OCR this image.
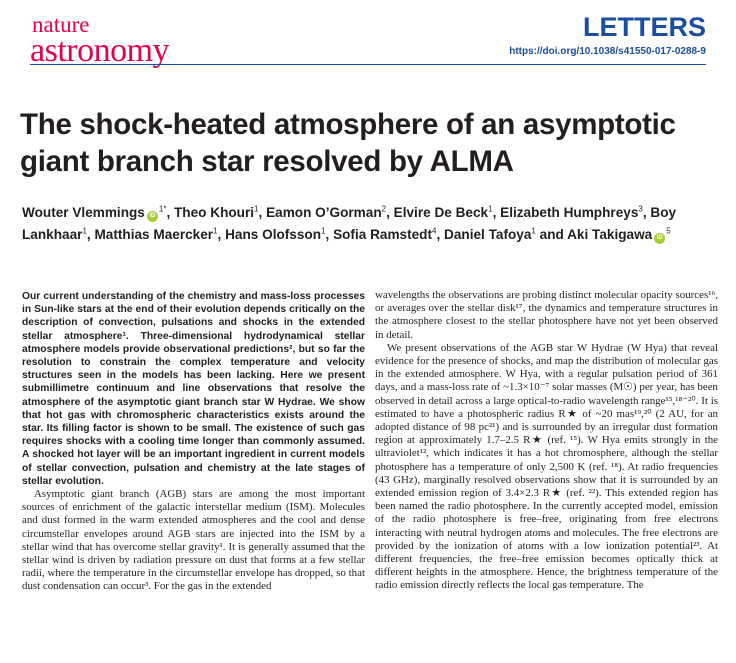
nature
astronomy
LETTERS
https://doi.org/10.1038/s41550-017-0288-9
The shock-heated atmosphere of an asymptotic giant branch star resolved by ALMA
Wouter Vlemmings $iD^{1*}$, Theo Khouri$^1$, Eamon O’Gorman$^2$, Elvire De Beck$^1$, Elizabeth Humphreys$^3$, Boy Lankhaar$^1$, Matthias Maercker$^1$, Hans Olofsson$^1$, Sofia Ramstedt$^4$, Daniel Tafoya$^1$ and Aki Takigawa $iD^5$

Our current understanding of the chemistry and mass-loss processes in Sun-like stars at the end of their evolution depends critically on the description of convection, pulsations and shocks in the extended stellar atmosphere¹. Three-dimensional hydrodynamical stellar atmosphere models provide observational predictions², but so far the resolution to constrain the complex temperature and velocity structures seen in the models has been lacking. Here we present submillimetre continuum and line observations that resolve the atmosphere of the asymptotic giant branch star W Hydrae. We show that hot gas with chromospheric characteristics exists around the star. Its filling factor is shown to be small. The existence of such gas requires shocks with a cooling time longer than commonly assumed. A shocked hot layer will be an important ingredient in current models of stellar convection, pulsation and chemistry at the late stages of stellar evolution.

Asymptotic giant branch (AGB) stars are among the most important sources of enrichment of the galactic interstellar medium (ISM). Molecules and dust formed in the warm extended atmospheres and the cool and dense circumstellar envelopes around AGB stars are injected into the ISM by a stellar wind that has overcome stellar gravity¹. It is generally assumed that the stellar wind is driven by radiation pressure on dust that forms at a few stellar radii, where the temperature in the circumstellar envelope has dropped, so that dust condensation can occur³. For the gas in the extended

wavelengths the observations are probing distinct molecular opacity sources¹⁶, or averages over the stellar disk¹⁷, the dynamics and temperature structures in the atmosphere closest to the stellar photosphere have not yet been observed in detail.

We present observations of the AGB star W Hydrae (W Hya) that reveal evidence for the presence of shocks, and map the distribution of molecular gas in the extended atmosphere. W Hya, with a regular pulsation period of 361 days, and a mass-loss rate of ~1.3×10⁻⁷ solar masses (M☉) per year, has been observed in detail across a large optical-to-radio wavelength range¹⁵,¹⁸⁻²⁰. It is estimated to have a photospheric radius R★ of ~20 mas¹⁹,²⁰ (2 AU, for an adopted distance of 98 pc²¹) and is surrounded by an irregular dust formation region at approximately 1.7–2.5 R★ (ref. ¹⁵). W Hya emits strongly in the ultraviolet¹², which indicates it has a hot chromosphere, although the stellar photosphere has a temperature of only 2,500 K (ref. ¹⁸). At radio frequencies (43 GHz), marginally resolved observations show that it is surrounded by an extended emission region of 3.4×2.3 R★ (ref. ²²). This extended region has been named the radio photosphere. In the currently accepted model, emission of the radio photosphere is free–free, originating from free electrons interacting with neutral hydrogen atoms and molecules. The free electrons are provided by the ionization of atoms with a low ionization potential²³. At different frequencies, the free–free emission becomes optically thick at different heights in the atmosphere. Hence, the brightness temperature of the radio emission directly reflects the local gas temperature. The
